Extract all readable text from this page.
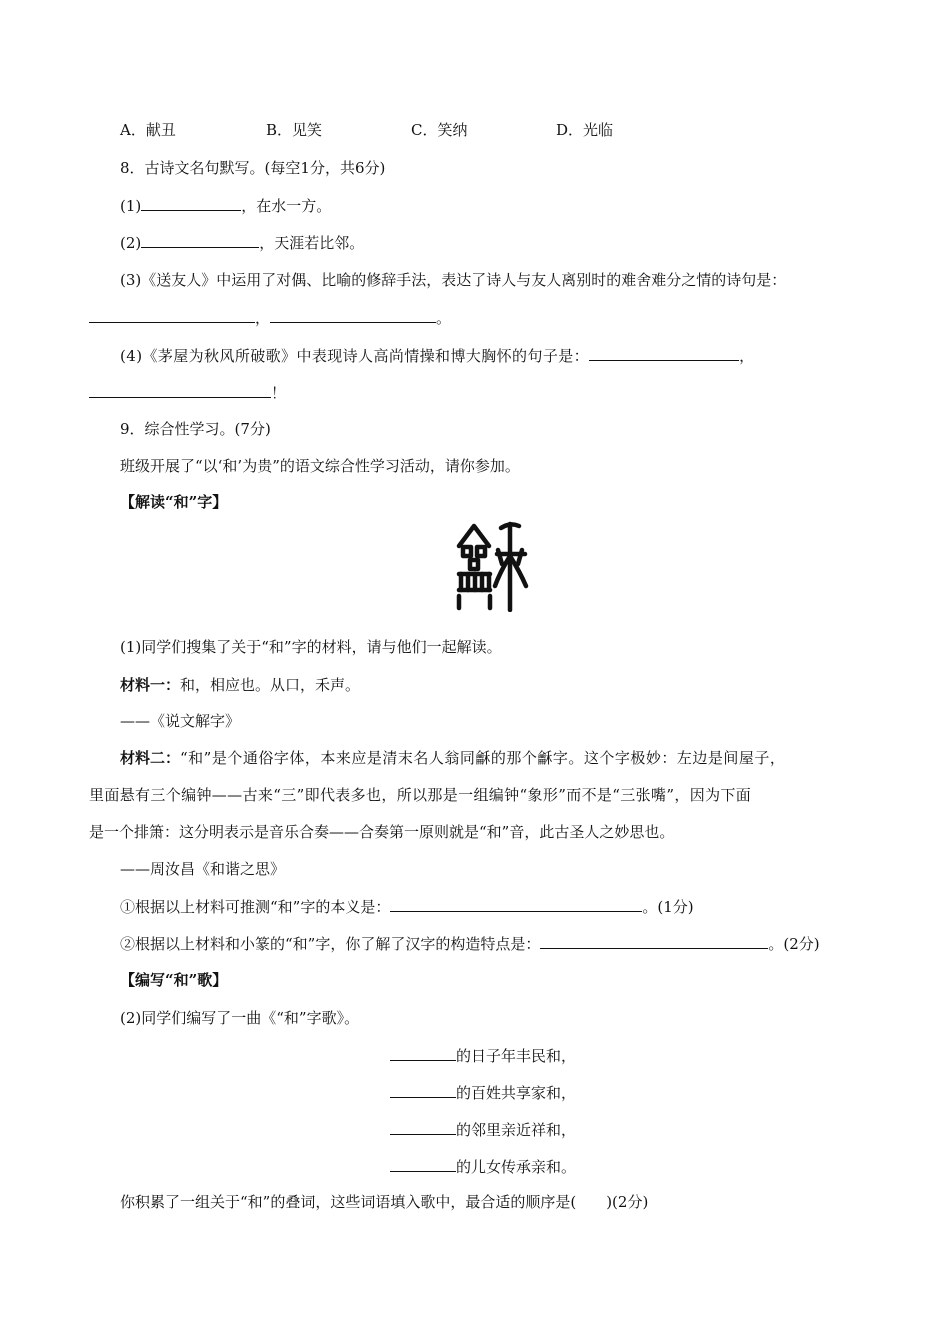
A．献丑	B．见笑	C．笑纳	D．光临
8．古诗文名句默写。(每空1分，共6分)
(1)	，在水一方。
(2)	，天涯若比邻。
(3)《送友人》中运用了对偶、比喻的修辞手法，表达了诗人与友人离别时的难舍难分之情的诗句是：
，	。
(4)《茅屋为秋风所破歌》中表现诗人高尚情操和博大胸怀的句子是：	，
！
9．综合性学习。(7分)
班级开展了“以‘和’为贵”的语文综合性学习活动，请你参加。
【解读“和”字】
(1)同学们搜集了关于“和”字的材料，请与他们一起解读。
材料一：和，相应也。从口，禾声。
——《说文解字》
材料二：“和”是个通俗字体，本来应是清末名人翁同龢的那个龢字。这个字极妙：左边是间屋子，
里面悬有三个编钟——古来“三”即代表多也，所以那是一组编钟“象形”而不是“三张嘴”，因为下面
是一个排箫：这分明表示是音乐合奏——合奏第一原则就是“和”音，此古圣人之妙思也。
——周汝昌《和谐之思》
①根据以上材料可推测“和”字的本义是：	。(1分)
②根据以上材料和小篆的“和”字，你了解了汉字的构造特点是：	。(2分)
【编写“和”歌】
(2)同学们编写了一曲《“和”字歌》。
的日子年丰民和，
的百姓共享家和，
的邻里亲近祥和，
的儿女传承亲和。
你积累了一组关于“和”的叠词，这些词语填入歌中，最合适的顺序是(　　)(2分)
